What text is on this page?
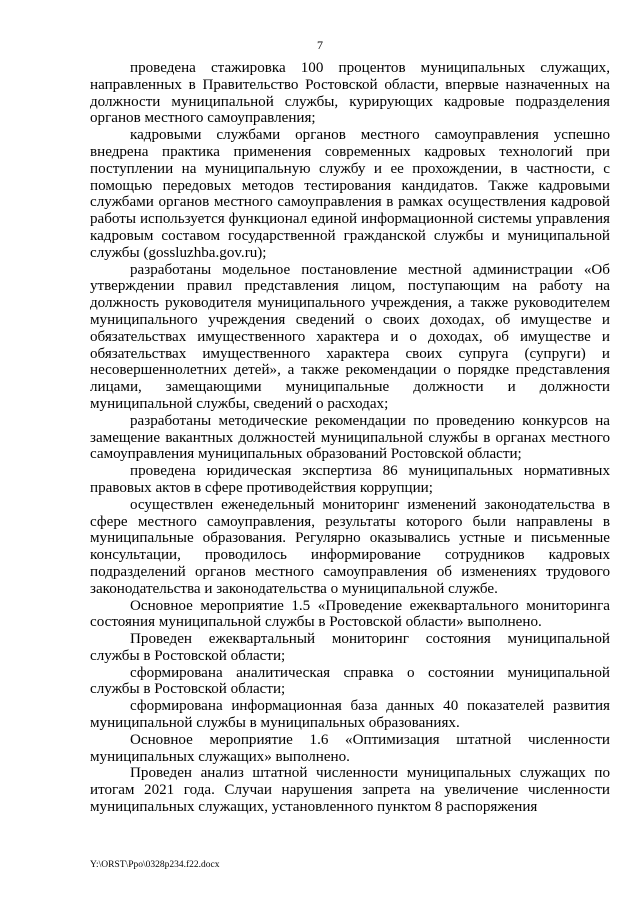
7

проведена стажировка 100 процентов муниципальных служащих, направленных в Правительство Ростовской области, впервые назначенных на должности муниципальной службы, курирующих кадровые подразделения органов местного самоуправления;

кадровыми службами органов местного самоуправления успешно внедрена практика применения современных кадровых технологий при поступлении на муниципальную службу и ее прохождении, в частности, с помощью передовых методов тестирования кандидатов. Также кадровыми службами органов местного самоуправления в рамках осуществления кадровой работы используется функционал единой информационной системы управления кадровым составом государственной гражданской службы и муниципальной службы (gossluzhba.gov.ru);

разработаны модельное постановление местной администрации «Об утверждении правил представления лицом, поступающим на работу на должность руководителя муниципального учреждения, а также руководителем муниципального учреждения сведений о своих доходах, об имуществе и обязательствах имущественного характера и о доходах, об имуществе и обязательствах имущественного характера своих супруга (супруги) и несовершеннолетних детей», а также рекомендации о порядке представления лицами, замещающими муниципальные должности и должности муниципальной службы, сведений о расходах;

разработаны методические рекомендации по проведению конкурсов на замещение вакантных должностей муниципальной службы в органах местного самоуправления муниципальных образований Ростовской области;

проведена юридическая экспертиза 86 муниципальных нормативных правовых актов в сфере противодействия коррупции;

осуществлен еженедельный мониторинг изменений законодательства в сфере местного самоуправления, результаты которого были направлены в муниципальные образования. Регулярно оказывались устные и письменные консультации, проводилось информирование сотрудников кадровых подразделений органов местного самоуправления об изменениях трудового законодательства и законодательства о муниципальной службе.

Основное мероприятие 1.5 «Проведение ежеквартального мониторинга состояния муниципальной службы в Ростовской области» выполнено.

Проведен ежеквартальный мониторинг состояния муниципальной службы в Ростовской области;

сформирована аналитическая справка о состоянии муниципальной службы в Ростовской области;

сформирована информационная база данных 40 показателей развития муниципальной службы в муниципальных образованиях.

Основное мероприятие 1.6 «Оптимизация штатной численности муниципальных служащих» выполнено.

Проведен анализ штатной численности муниципальных служащих по итогам 2021 года. Случаи нарушения запрета на увеличение численности муниципальных служащих, установленного пунктом 8 распоряжения

Y:\ORST\Ppo\0328p234.f22.docx
